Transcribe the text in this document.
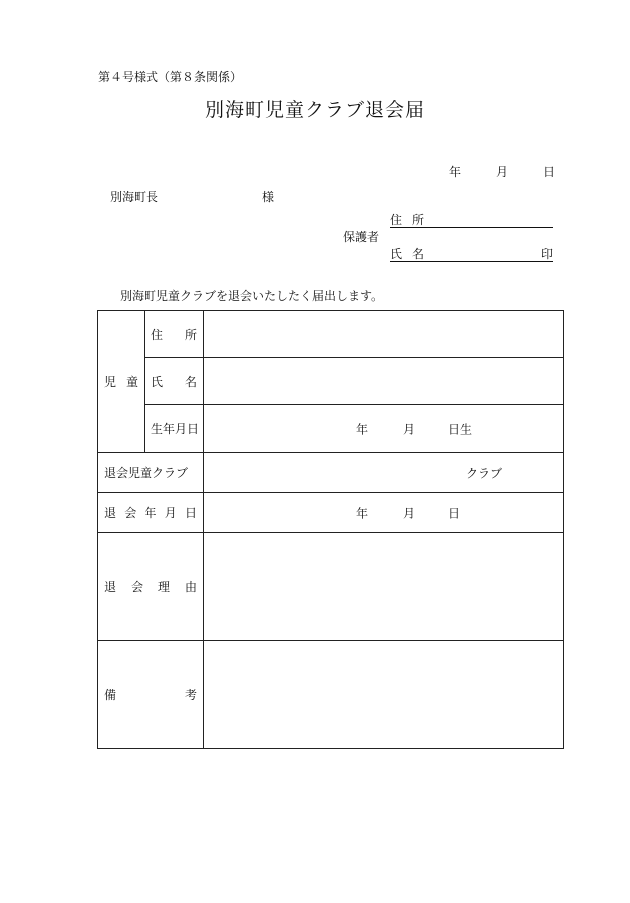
第４号様式（第８条関係）
別海町児童クラブ退会届
年	月	日
別海町長	様
住 所
保護者
氏 名	印
別海町児童クラブを退会いたしたく届出します。
児 童	住 所	

	氏 名	

	生年月日	年 月 日生

退会児童クラブ		クラブ

退 会 年 月 日		年 月 日

退 会 理 由		

備 考		
